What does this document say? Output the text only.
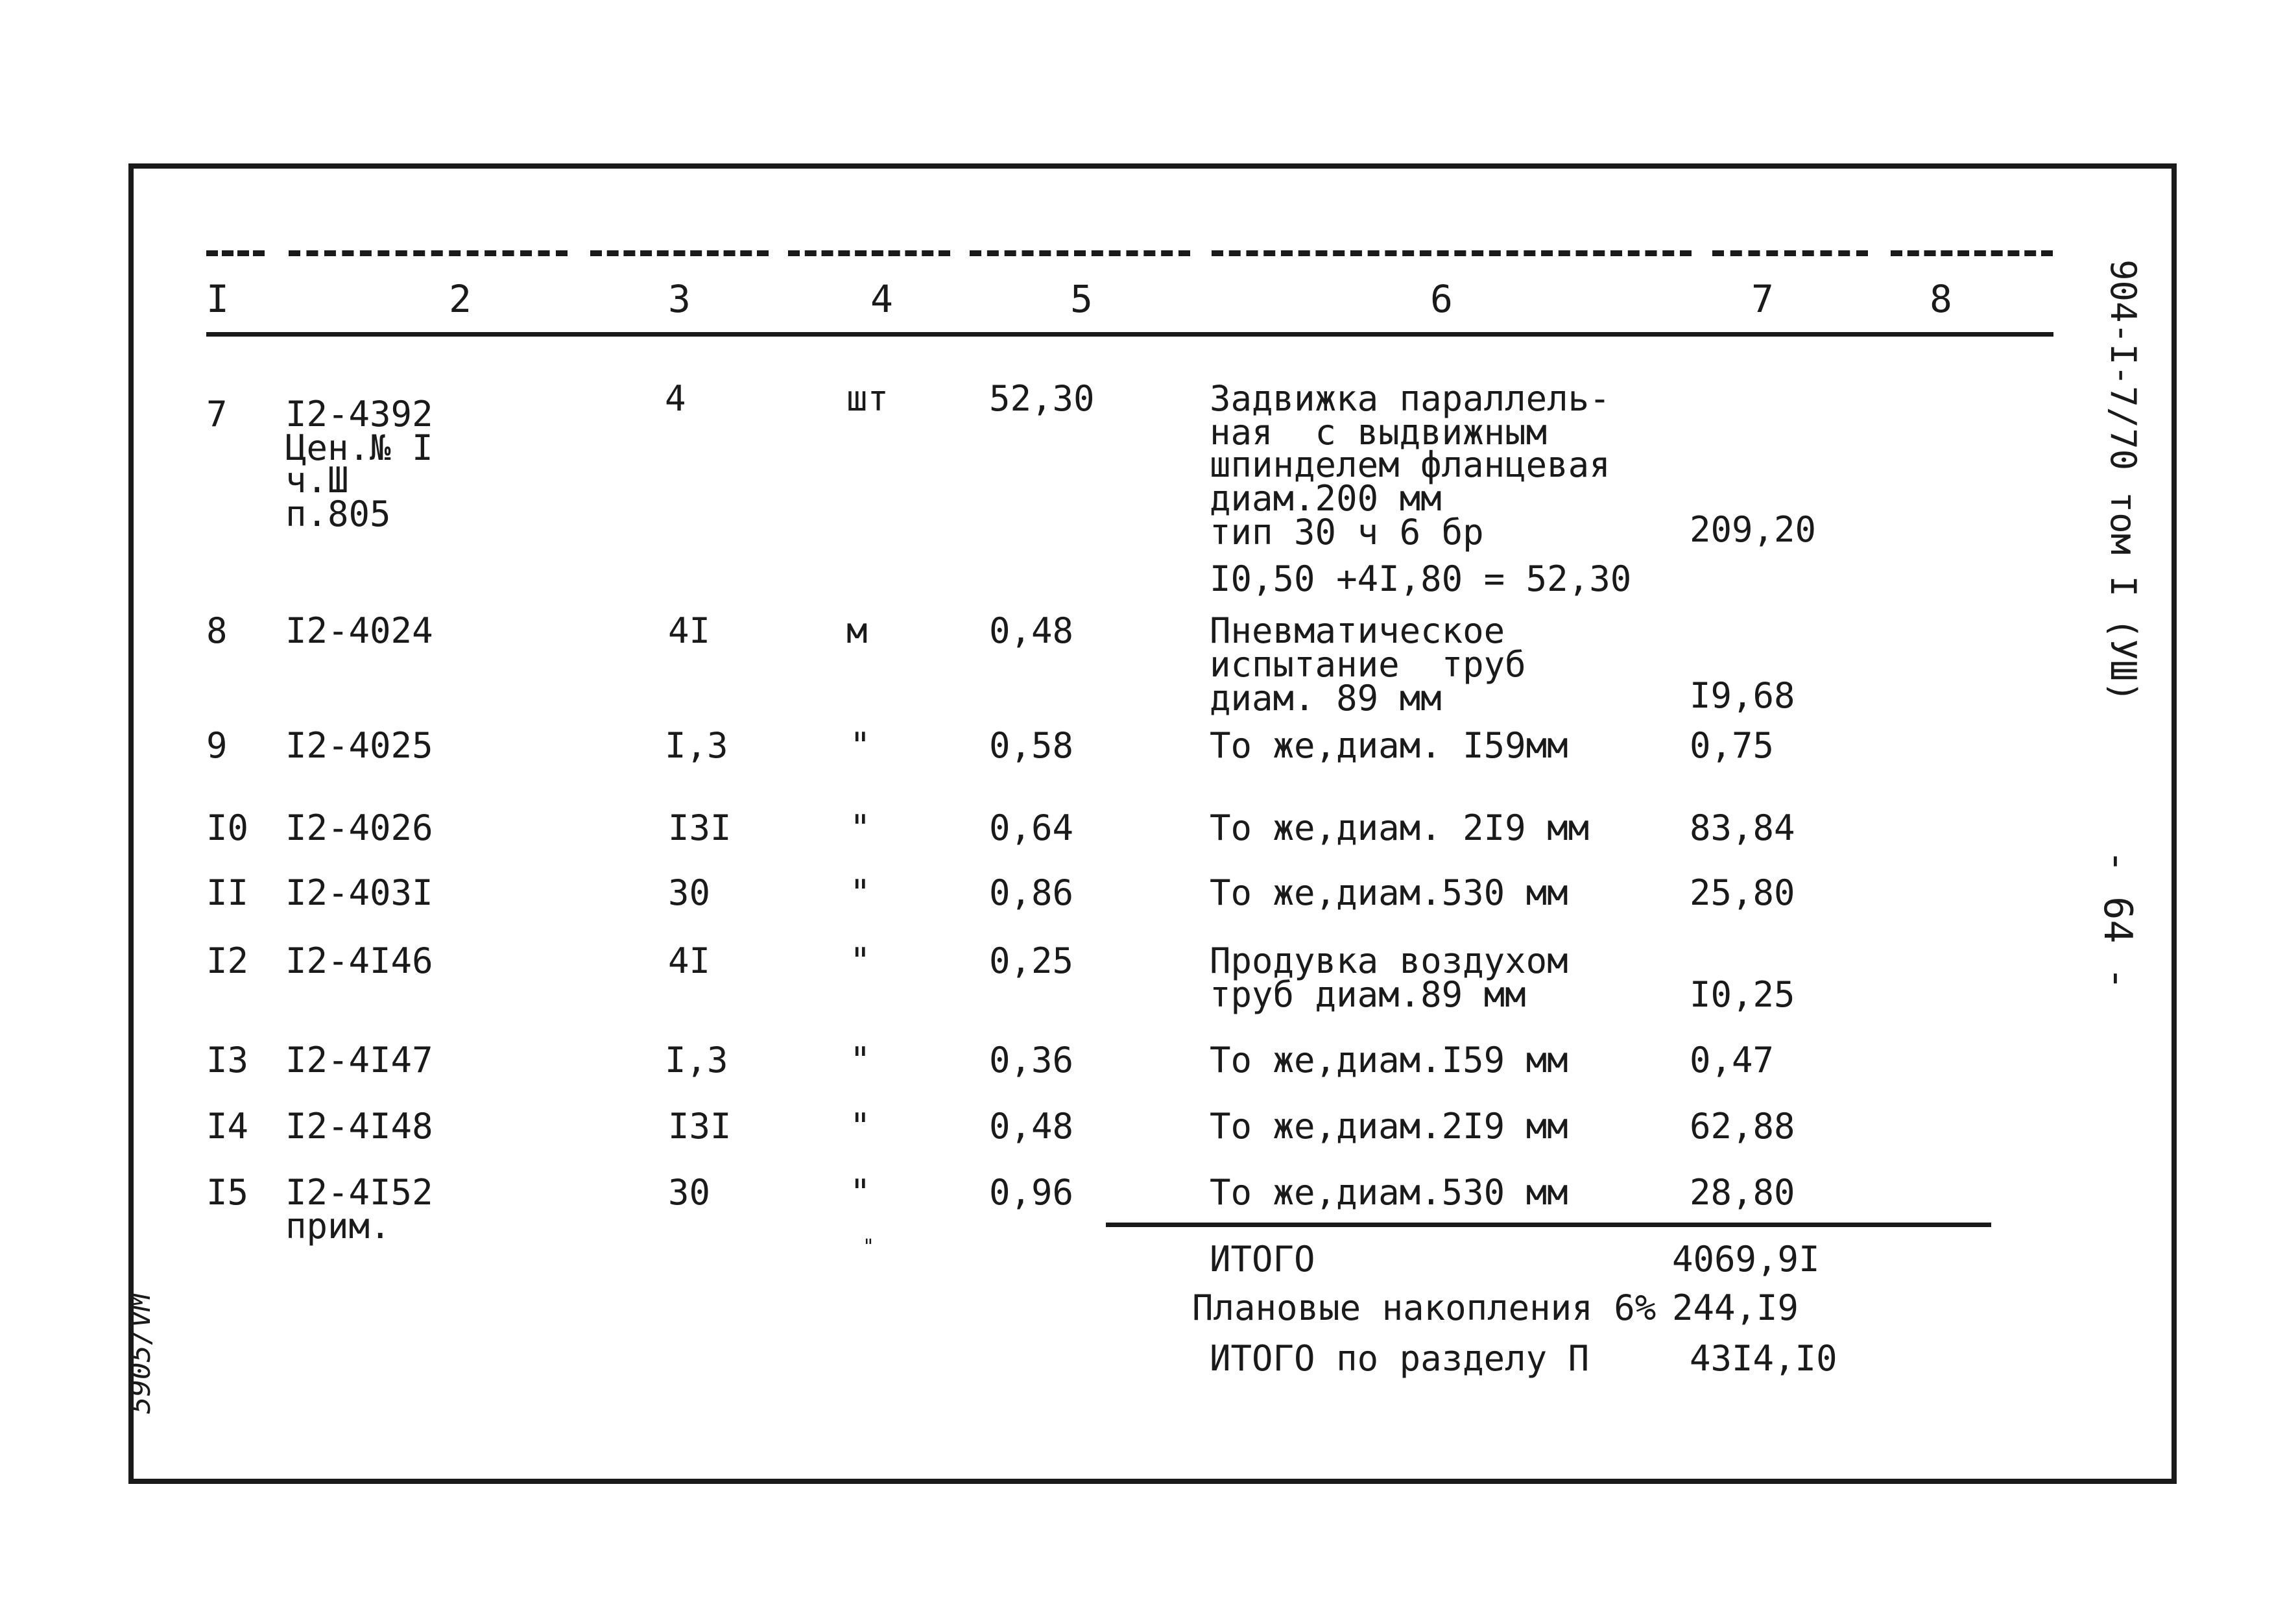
I	2	3	4	5	6	7	8
7 I2-4392
Цен.№ I
ч.Ш
п.805
4	шт	52,30	Задвижка параллель-
ная  с выдвижным
шпинделем фланцевая
диам.200 мм
тип 30 ч 6 бр
I0,50 +4I,80 = 52,30
209,20
8 I2-4024	4I	м	0,48	Пневматическое
испытание  труб
диам. 89 мм	I9,68
9 I2-4025	I,3	"	0,58	То же,диам. I59мм	0,75
I0 I2-4026	I3I	"	0,64	То же,диам. 2I9 мм	83,84
II I2-403I	30	"	0,86	То же,диам.530 мм	25,80
I2 I2-4I46	4I	"	0,25	Продувка воздухом
труб диам.89 мм	I0,25
I3 I2-4I47	I,3	"	0,36	То же,диам.I59 мм	0,47
I4 I2-4I48	I3I	"	0,48	То же,диам.2I9 мм	62,88
I5 I2-4I52
прим.
30	"	0,96	То же,диам.530 мм	28,80
"	ИТОГО	4069,9I
Плановые накопления 6% 244,I9
ИТОГО по разделу П	43I4,I0
904-I-7/70 том I (УШ)
- 64 -
5905/VМ
